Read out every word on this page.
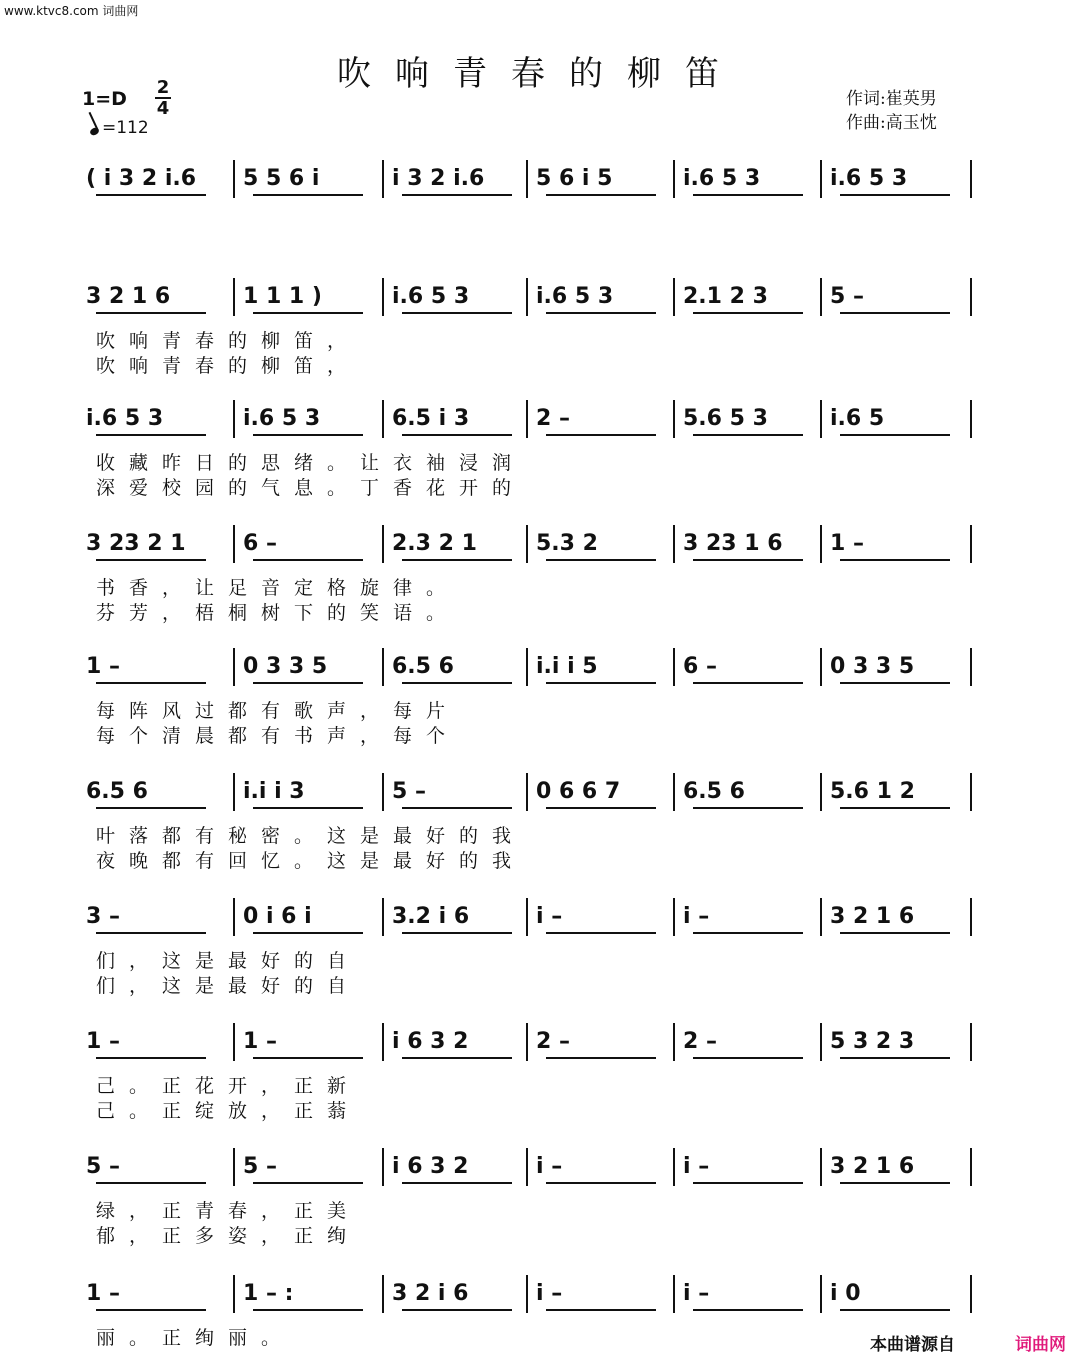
www.ktvc8.com 词曲网
吹响青春的柳笛
1=D
2
4
=112
作词:崔英男
作曲:高玉忱
( i 3 2 i.6 5 5 6 i	i 3 2 i.6 5 6 i 5	i.6 5 3	i.6 5 3
3 2 1 6	1 1 1 )	i.6 5 3	i.6 5 3	2.1 2 3	5 –
吹响青春的柳笛，
吹响青春的柳笛，
i.6 5 3	i.6 5 3	6.5 i 3	2 –	5.6 5 3	i.6 5
收藏昨日的思绪。让衣袖浸润
深爱校园的气息。丁香花开的
3 23 2 1	6 –	2.3 2 1	5.3 2	3 23 1 6 1 –
书香，让足音定格旋律。
芬芳，梧桐树下的笑语。
1 –	0 3 3 5	6.5 6	i.i i 5	6 –	0 3 3 5
每阵风过都有歌声，每片
每个清晨都有书声，每个
6.5 6	i.i i 3	5 –	0 6 6 7	6.5 6	5.6 1 2
叶落都有秘密。这是最好的我
夜晚都有回忆。这是最好的我
3 –	0 i 6 i	3.2 i 6	i –	i –	3 2 1 6
们，这是最好的自
们，这是最好的自
1 –	1 –	i 6 3 2	2 –	2 –	5 3 2 3
己。正花开，正新
己。正绽放，正蓊
5 –	5 –	i 6 3 2	i –	i –	3 2 1 6
绿，正青春，正美
郁，正多姿，正绚
1 –	1 – :	3 2 i 6	i –	i –	i 0
丽。正绚丽。	本曲谱源自	词曲网
